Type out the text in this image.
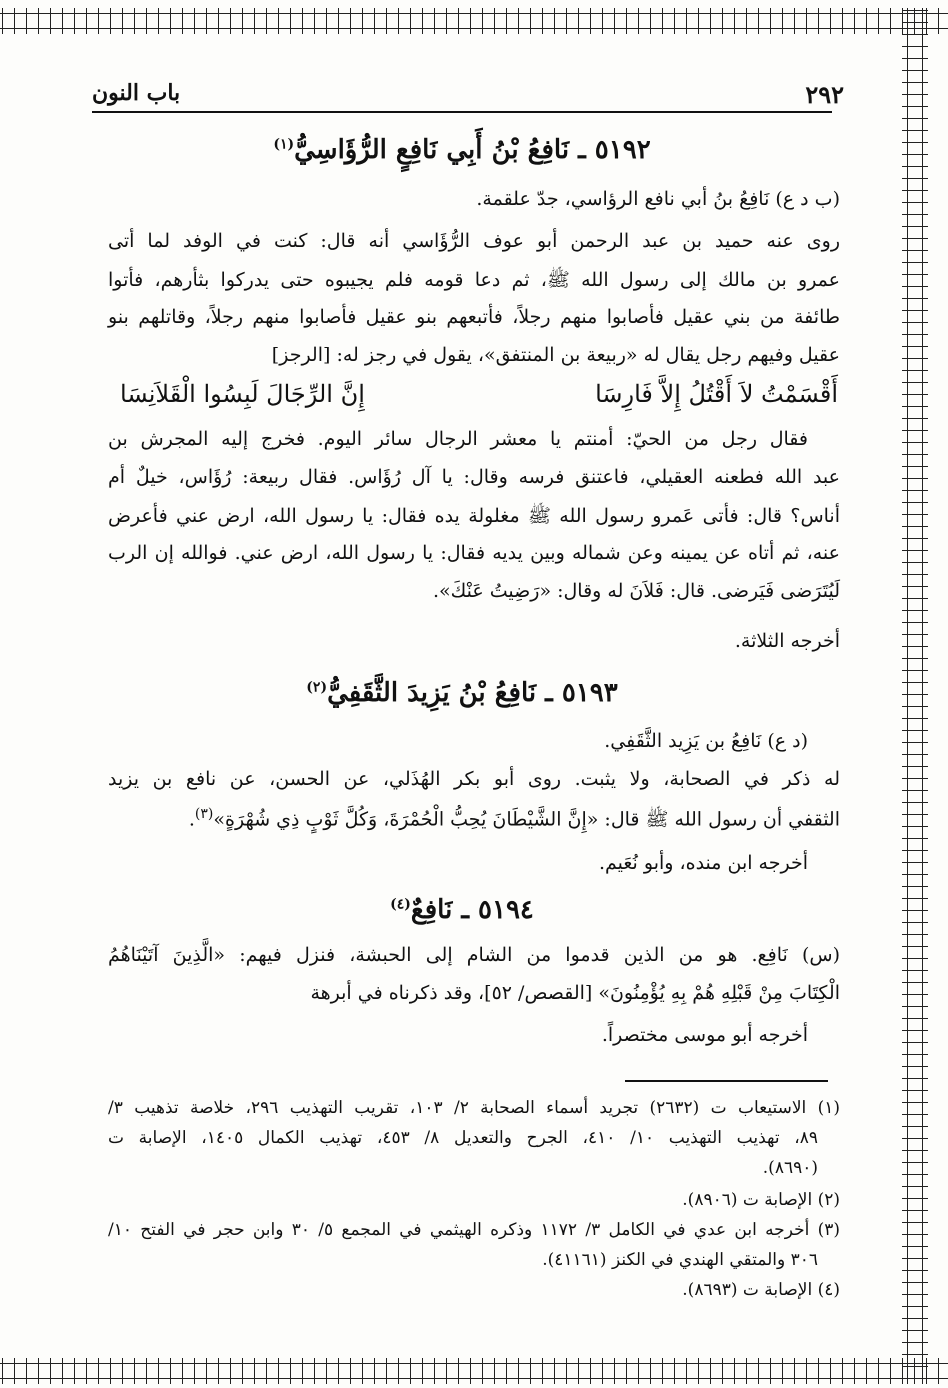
٢٩٢
باب النون
٥١٩٢ ـ نَافِعُ بْنُ أَبِي نَافِعٍ الرُّؤَاسِيُّ$^{(١)}$
(ب د ع) نَافِعُ بنُ أبي نافع الرؤاسي، جدّ علقمة.
روى عنه حميد بن عبد الرحمن أبو عوف الرُّؤَاسي أنه قال: كنت في الوفد لما أتى
عمرو بن مالك إلى رسول الله ﷺ، ثم دعا قومه فلم يجيبوه حتى يدركوا بثأرهم، فأتوا
طائفة من بني عقيل فأصابوا منهم رجلاً، فأتبعهم بنو عقيل فأصابوا منهم رجلاً، وقاتلهم بنو
عقيل وفيهم رجل يقال له «ربيعة بن المنتفق»، يقول في رجز له: [الرجز]
أَقْسَمْتُ لاَ أَقْتُلُ إِلاَّ فَارِسَا
إِنَّ الرِّجَالَ لَبِسُوا الْقَلاَنِسَا
فقال رجل من الحيّ: أمنتم يا معشر الرجال سائر اليوم. فخرج إليه المجرش بن
عبد الله فطعنه العقيلي، فاعتنق فرسه وقال: يا آل رُؤَاس. فقال ربيعة: رُؤَاس، خيلٌ أم
أناس؟ قال: فأتى عَمرو رسول الله ﷺ مغلولة يده فقال: يا رسول الله، ارض عني فأعرض
عنه، ثم أتاه عن يمينه وعن شماله وبين يديه فقال: يا رسول الله، ارض عني. فوالله إن الرب
لَيُتَرَضى فَيَرضى. قال: فَلاَنَ له وقال: «رَضِيتُ عَنْكَ».
أخرجه الثلاثة.
٥١٩٣ ـ نَافِعُ بْنُ يَزِيدَ الثَّقَفِيُّ$^{(٢)}$
(د ع) نَافِعُ بن يَزِيد الثَّقَفِي.
له ذكر في الصحابة، ولا يثبت. روى أبو بكر الهُذَلي، عن الحسن، عن نافع بن يزيد
الثقفي أن رسول الله ﷺ قال: «إِنَّ الشَّيْطَانَ يُحِبُّ الْحُمْرَةَ، وَكُلَّ ثَوْبٍ ذِي شُهْرَةٍ»$^{(٣)}$.
أخرجه ابن منده، وأبو نُعَيم.
٥١٩٤ ـ نَافِعٌ$^{(٤)}$
(س) نَافِع. هو من الذين قدموا من الشام إلى الحبشة، فنزل فيهم: «الَّذِينَ آتَيْنَاهُمُ
الْكِتَابَ مِنْ قَبْلِهِ هُمْ بِهِ يُؤْمِنُونَ» [القصص/ ٥٢]، وقد ذكرناه في أبرهة
أخرجه أبو موسى مختصراً.
(١) الاستيعاب ت (٢٦٣٢) تجريد أسماء الصحابة ٢/ ١٠٣، تقريب التهذيب ٢٩٦، خلاصة تذهيب ٣/
٨٩، تهذيب التهذيب ١٠/ ٤١٠، الجرح والتعديل ٨/ ٤٥٣، تهذيب الكمال ١٤٠٥، الإصابة ت
(٨٦٩٠).
(٢) الإصابة ت (٨٩٠٦).
(٣) أخرجه ابن عدي في الكامل ٣/ ١١٧٢ وذكره الهيثمي في المجمع ٥/ ٣٠ وابن حجر في الفتح ١٠/
٣٠٦ والمتقي الهندي في الكنز (٤١١٦١).
(٤) الإصابة ت (٨٦٩٣).
